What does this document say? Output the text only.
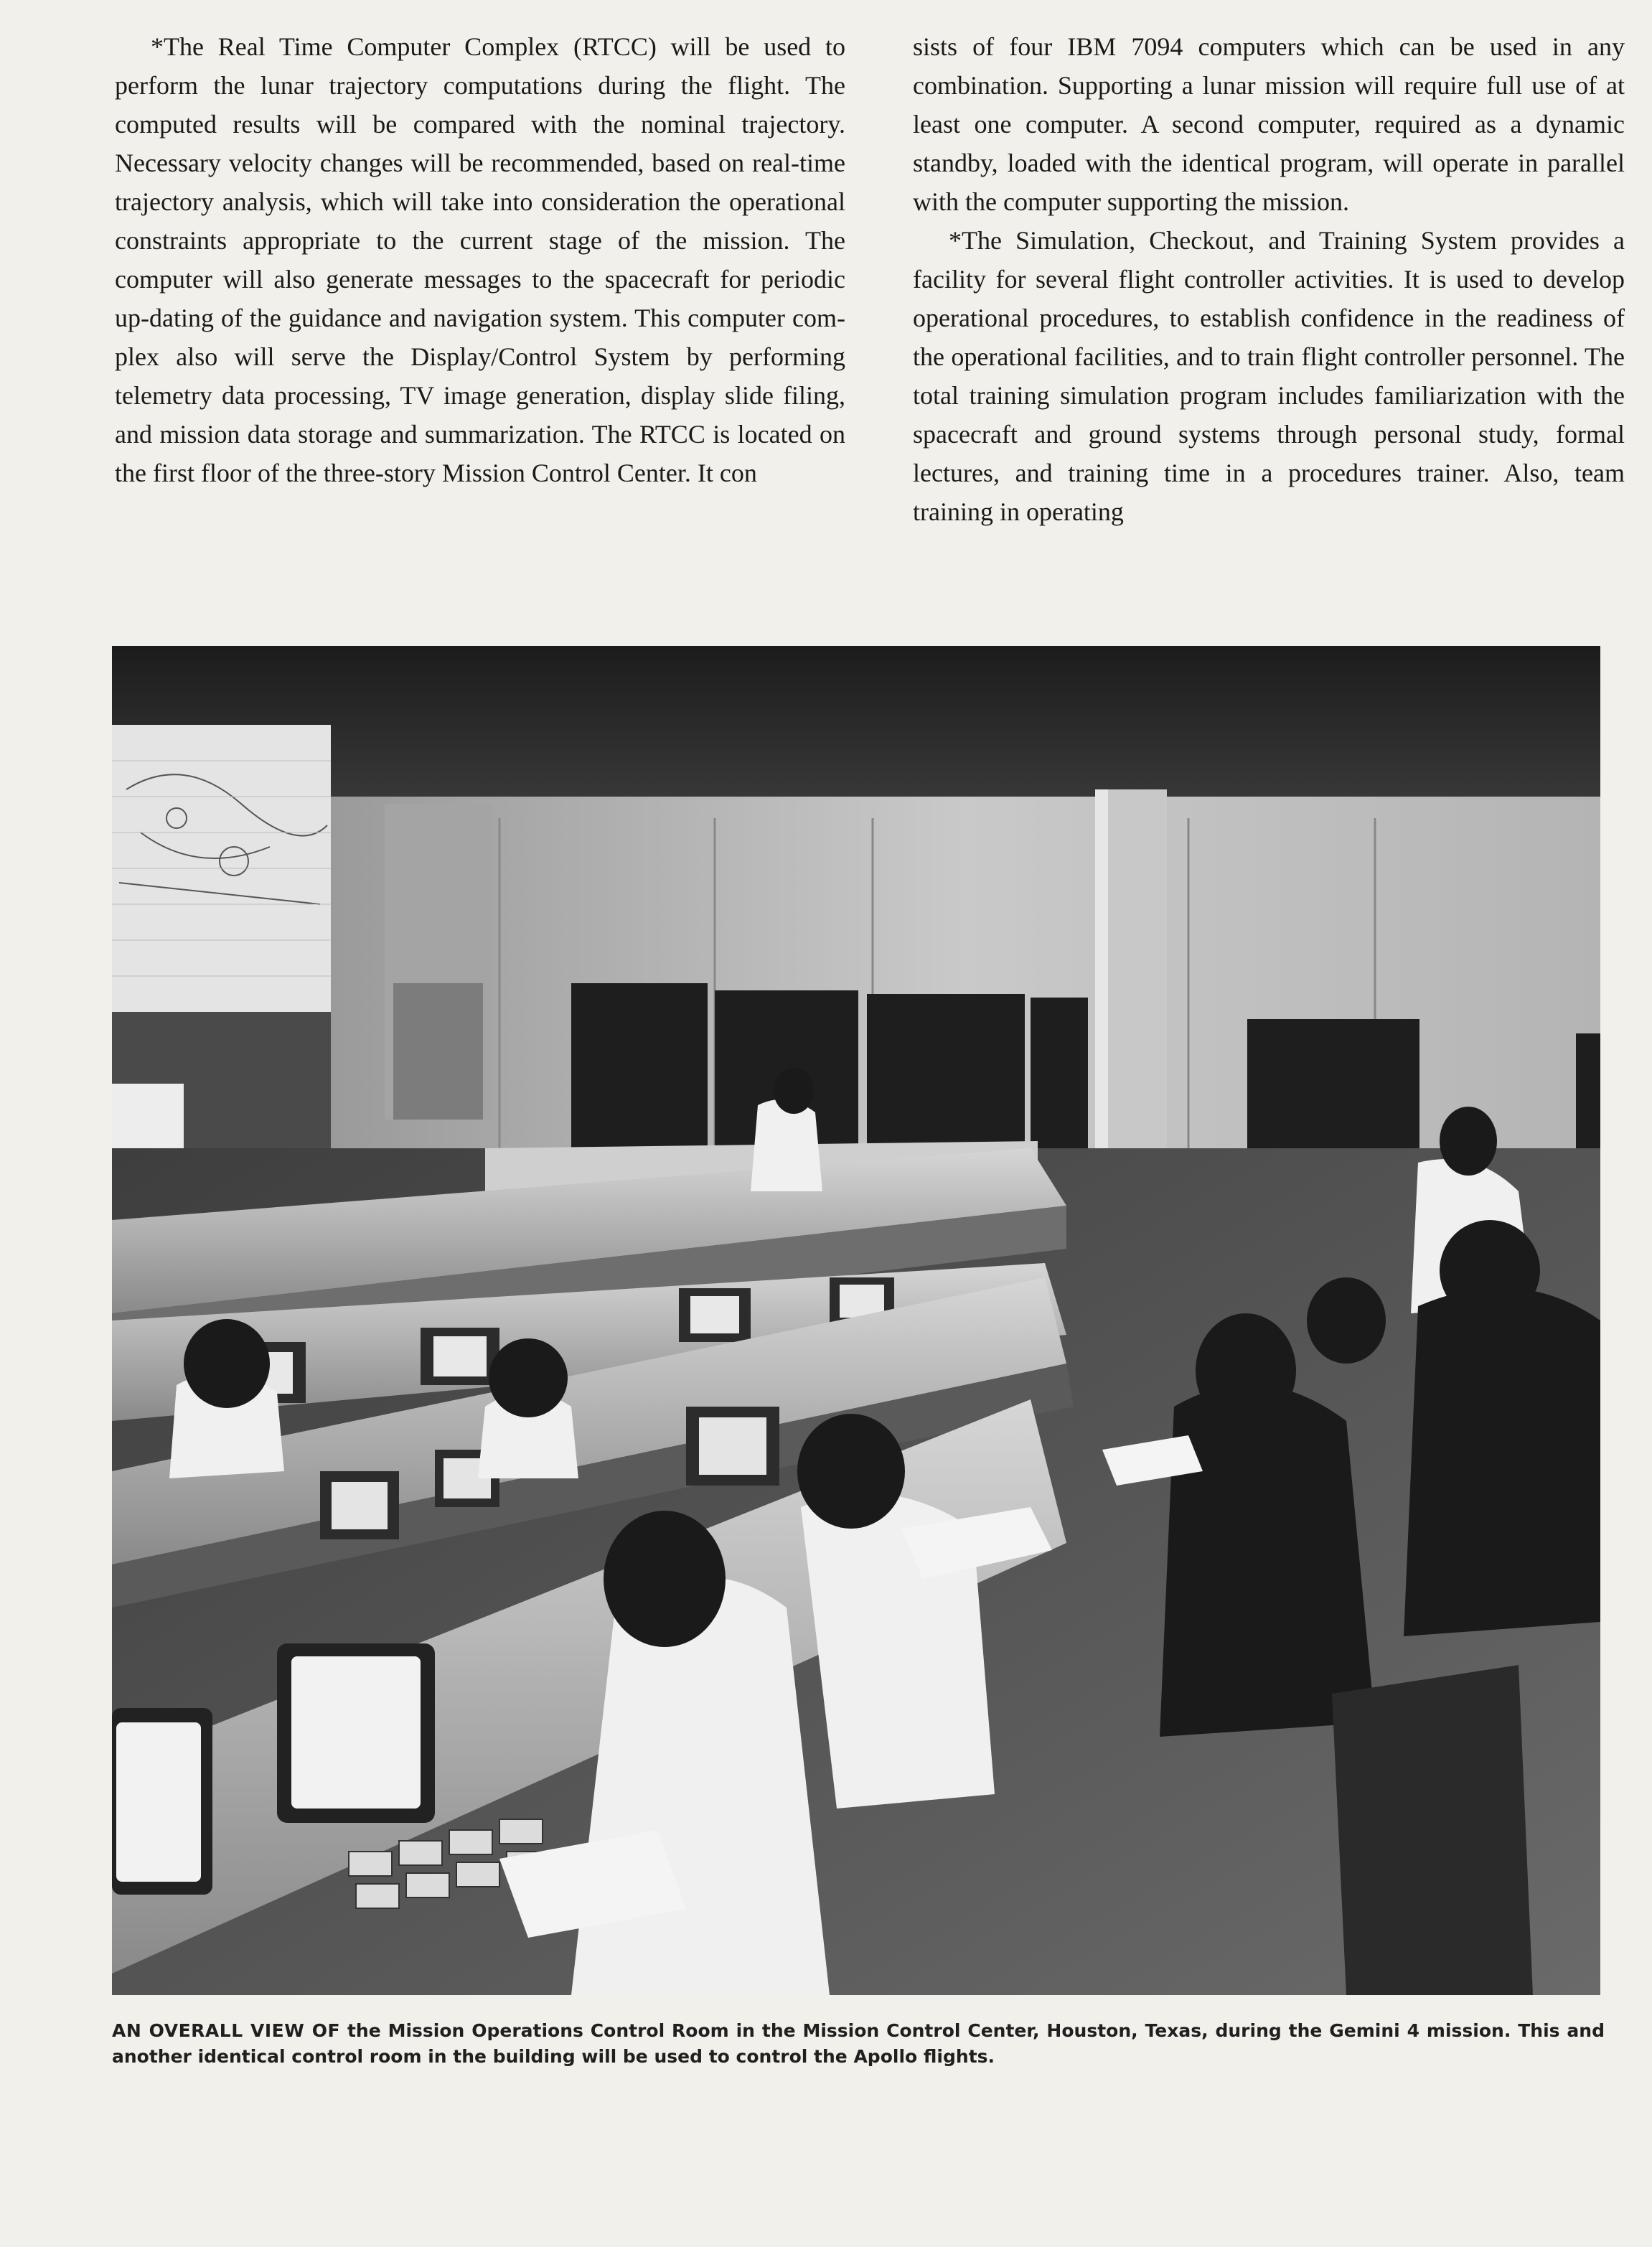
*The Real Time Computer Complex (RTCC) will be used to perform the lunar trajectory computations during the flight. The computed results will be compared with the nominal trajectory. Necessary velocity changes will be recommended, based on real-time trajectory analysis, which will take into consideration the operational constraints appropriate to the current stage of the mission. The computer will also generate messages to the spacecraft for periodic up-dating of the guidance and navigation system. This computer complex also will serve the Display/Control System by performing telemetry data processing, TV image generation, display slide filing, and mission data storage and summarization. The RTCC is located on the first floor of the three-story Mission Control Center. It con

sists of four IBM 7094 computers which can be used in any combination. Supporting a lunar mission will require full use of at least one computer. A second computer, required as a dynamic standby, loaded with the identical program, will operate in parallel with the computer supporting the mission.

*The Simulation, Checkout, and Training System provides a facility for several flight controller activities. It is used to develop operational procedures, to establish confidence in the readiness of the operational facilities, and to train flight controller personnel. The total training simulation program includes familiarization with the spacecraft and ground systems through personal study, formal lectures, and training time in a procedures trainer. Also, team training in operating

AN OVERALL VIEW OF the Mission Operations Control Room in the Mission Control Center, Houston, Texas, during the Gemini 4 mission. This and another identical control room in the building will be used to control the Apollo flights.
